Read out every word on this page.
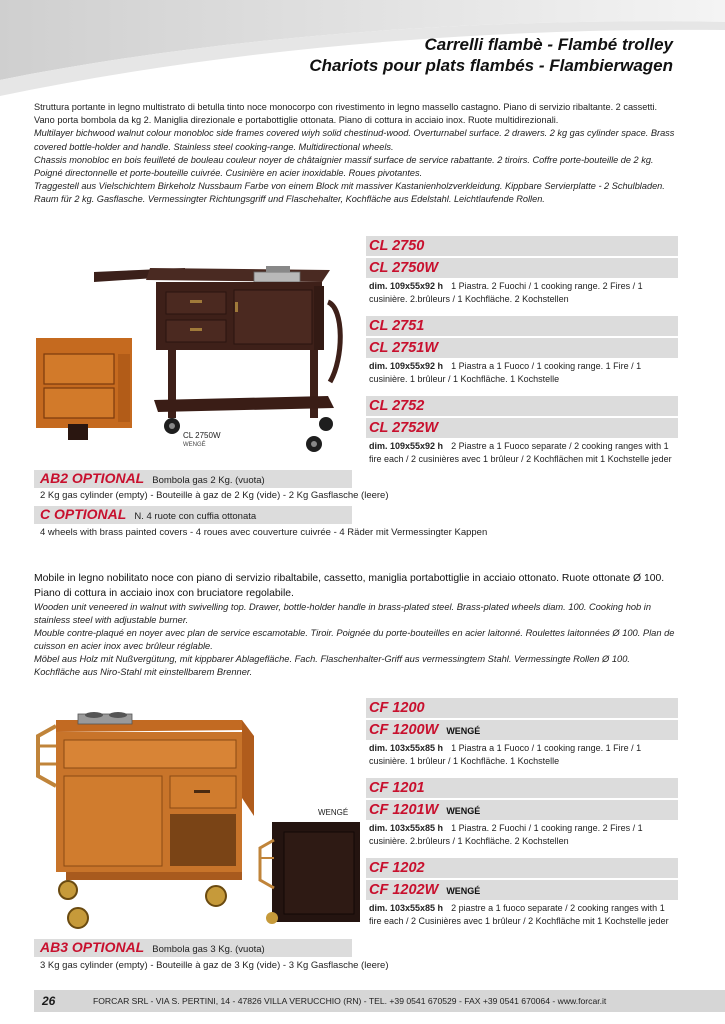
Carrelli flambè - Flambé trolley
Chariots pour plats flambés - Flambierwagen

Struttura portante in legno multistrato di betulla tinto noce monocorpo con rivestimento in legno massello castagno. Piano di servizio ribaltante. 2 cassetti. Vano porta bombola da kg 2. Maniglia direzionale e portabottiglie ottonata. Piano di cottura in acciaio inox. Ruote multidirezionali.

Multilayer bichwood walnut colour monobloc side frames covered wiyh solid chestinud-wood. Overturnabel surface. 2 drawers. 2 kg gas cylinder space. Brass covered bottle-holder and handle. Stainless steel cooking-range. Multidirectional wheels.

Chassis monobloc en bois feuilleté de bouleau couleur noyer de châtaignier massif surface de service rabattante. 2 tiroirs. Coffre porte-bouteille de 2 kg. Poigné directonnelle et porte-bouteille cuivrée. Cusinière en acier inoxidable. Roues pivotantes.

Traggestell aus Vielschichtem Birkeholz Nussbaum Farbe von einem Block mit massiver Kastanienholzverkleidung. Kippbare Servierplatte - 2 Schulbladen. Raum für 2 kg. Gasflasche. Vermessingter Richtungsgriff und Flaschehalter, Kochfläche aus Edelstahl. Leichtlaufende Rollen.

CL 2750W
WENGÉ
CL 2750
CL 2750W
dim. 109x55x92 h 1 Piastra. 2 Fuochi / 1 cooking range. 2 Fires / 1 cusinière. 2.brûleurs / 1 Kochfläche. 2 Kochstellen
CL 2751
CL 2751W
dim. 109x55x92 h 1 Piastra a 1 Fuoco / 1 cooking range. 1 Fire / 1 cusinière. 1 brûleur / 1 Kochfläche. 1 Kochstelle
CL 2752
CL 2752W
dim. 109x55x92 h 2 Piastre a 1 Fuoco separate / 2 cooking ranges with 1 fire each / 2 cusinières avec 1 brûleur / 2 Kochflächen mit 1 Kochstelle jeder
AB2 OPTIONAL Bombola gas 2 Kg. (vuota)
2 Kg gas cylinder (empty) - Bouteille à gaz de 2 Kg (vide) - 2 Kg Gasflasche (leere)
C OPTIONAL N. 4 ruote con cuffia ottonata
4 wheels with brass painted covers - 4 roues avec couverture cuivrée - 4 Räder mit Vermessingter Kappen

Mobile in legno nobilitato noce con piano di servizio ribaltabile, cassetto, maniglia portabottiglie in acciaio ottonato. Ruote ottonate Ø 100. Piano di cottura in acciaio inox con bruciatore regolabile.

Wooden unit veneered in walnut with swivelling top. Drawer, bottle-holder handle in brass-plated steel. Brass-plated wheels diam. 100. Cooking hob in stainless steel with adjustable burner.

Mouble contre-plaqué en noyer avec plan de service escamotable. Tiroir. Poignée du porte-bouteilles en acier laitonné. Roulettes laitonnées Ø 100. Plan de cuisson en acier inox avec brûleur réglable.

Möbel aus Holz mit Nußvergütung, mit kippbarer Ablagefläche. Fach. Flaschenhalter-Griff aus vermessingtem Stahl. Vermessingte Rollen Ø 100. Kochfläche aus Niro-Stahl mit einstellbarem Brenner.

WENGÉ
CF 1200
CF 1200W WENGÉ
dim. 103x55x85 h 1 Piastra a 1 Fuoco / 1 cooking range. 1 Fire / 1 cusinière. 1 brûleur / 1 Kochfläche. 1 Kochstelle
CF 1201
CF 1201W WENGÉ
dim. 103x55x85 h 1 Piastra. 2 Fuochi / 1 cooking range. 2 Fires / 1 cusinière. 2.brûleurs / 1 Kochfläche. 2 Kochstellen
CF 1202
CF 1202W WENGÉ
dim. 103x55x85 h 2 piastre a 1 fuoco separate / 2 cooking ranges with 1 fire each / 2 Cusinières avec 1 brûleur / 2 Kochfläche mit 1 Kochstelle jeder
AB3 OPTIONAL Bombola gas 3 Kg. (vuota)
3 Kg gas cylinder (empty) - Bouteille à gaz de 3 Kg (vide) - 3 Kg Gasflasche (leere)
26	FORCAR SRL - VIA S. PERTINI, 14 - 47826 VILLA VERUCCHIO (RN) - TEL. +39 0541 670529 - FAX +39 0541 670064 - www.forcar.it
